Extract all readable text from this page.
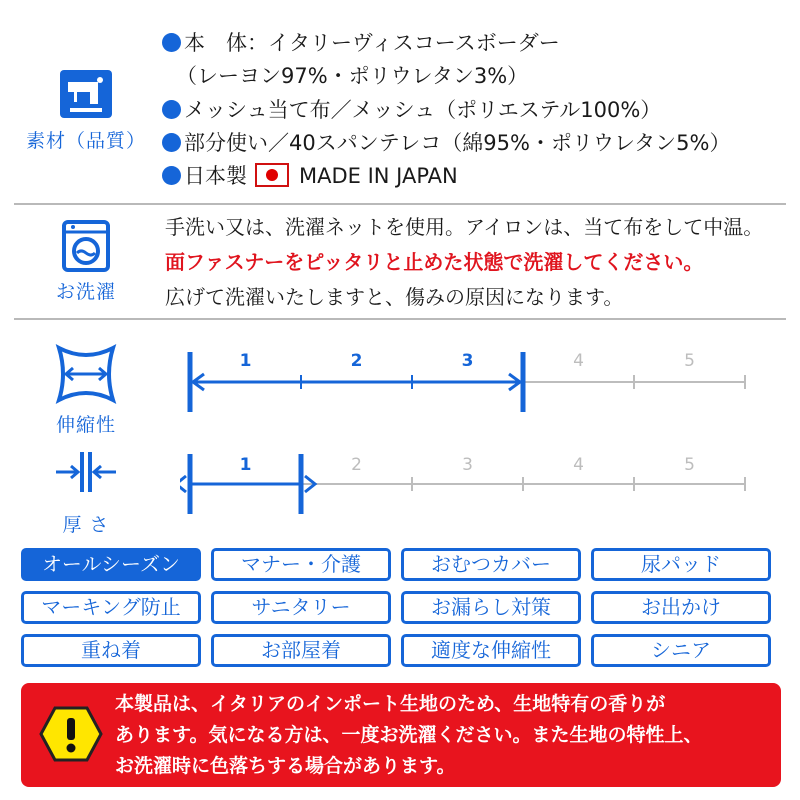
素材（品質）
本　体：イタリーヴィスコースボーダー
（レーヨン97%・ポリウレタン3%）
メッシュ当て布／メッシュ（ポリエステル100%）
部分使い／40スパンテレコ（綿95%・ポリウレタン5%）
日本製 MADE IN JAPAN
お洗濯
手洗い又は、洗濯ネットを使用。アイロンは、当て布をして中温。
面ファスナーをピッタリと止めた状態で洗濯してください。
広げて洗濯いたしますと、傷みの原因になります。
伸縮性
1	2	3	4	5
厚 さ
1	2	3	4	5
オールシーズン	マナー・介護	おむつカバー	尿パッド
マーキング防止	サニタリー	お漏らし対策	お出かけ
重ね着	お部屋着	適度な伸縮性	シニア
本製品は、イタリアのインポート生地のため、生地特有の香りが
あります。気になる方は、一度お洗濯ください。また生地の特性上、
お洗濯時に色落ちする場合があります。
